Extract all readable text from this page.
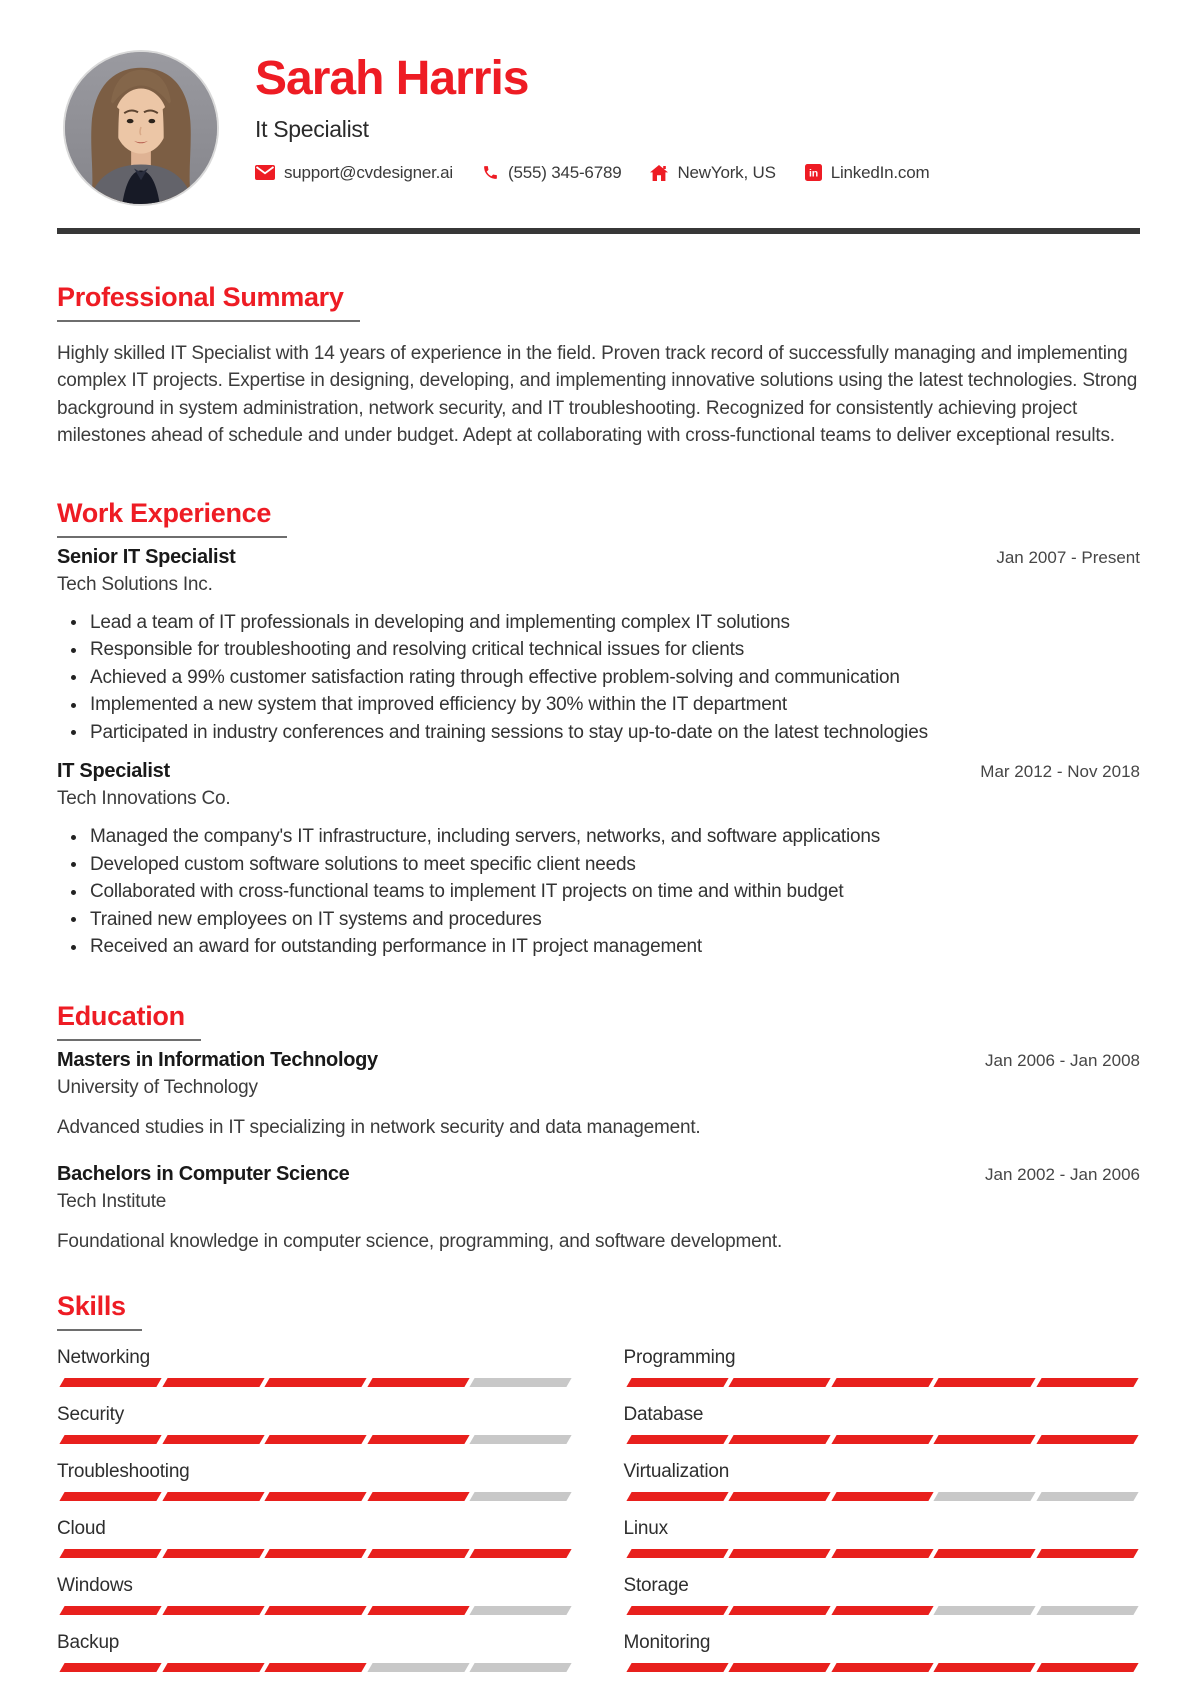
Sarah Harris
It Specialist
support@cvdesigner.ai	(555) 345-6789	NewYork, US	in LinkedIn.com
Professional Summary

Highly skilled IT Specialist with 14 years of experience in the field. Proven track record of successfully managing and implementing complex IT projects. Expertise in designing, developing, and implementing innovative solutions using the latest technologies. Strong background in system administration, network security, and IT troubleshooting. Recognized for consistently achieving project milestones ahead of schedule and under budget. Adept at collaborating with cross-functional teams to deliver exceptional results.

Work Experience
Senior IT Specialist	Jan 2007 - Present
Tech Solutions Inc.
Lead a team of IT professionals in developing and implementing complex IT solutions
Responsible for troubleshooting and resolving critical technical issues for clients
Achieved a 99% customer satisfaction rating through effective problem-solving and communication
Implemented a new system that improved efficiency by 30% within the IT department
Participated in industry conferences and training sessions to stay up-to-date on the latest technologies
IT Specialist	Mar 2012 - Nov 2018
Tech Innovations Co.
Managed the company's IT infrastructure, including servers, networks, and software applications
Developed custom software solutions to meet specific client needs
Collaborated with cross-functional teams to implement IT projects on time and within budget
Trained new employees on IT systems and procedures
Received an award for outstanding performance in IT project management
Education
Masters in Information Technology	Jan 2006 - Jan 2008
University of Technology
Advanced studies in IT specializing in network security and data management.
Bachelors in Computer Science	Jan 2002 - Jan 2006
Tech Institute
Foundational knowledge in computer science, programming, and software development.
Skills
Networking
Security
Troubleshooting
Cloud
Windows
Backup
Programming
Database
Virtualization
Linux
Storage
Monitoring
